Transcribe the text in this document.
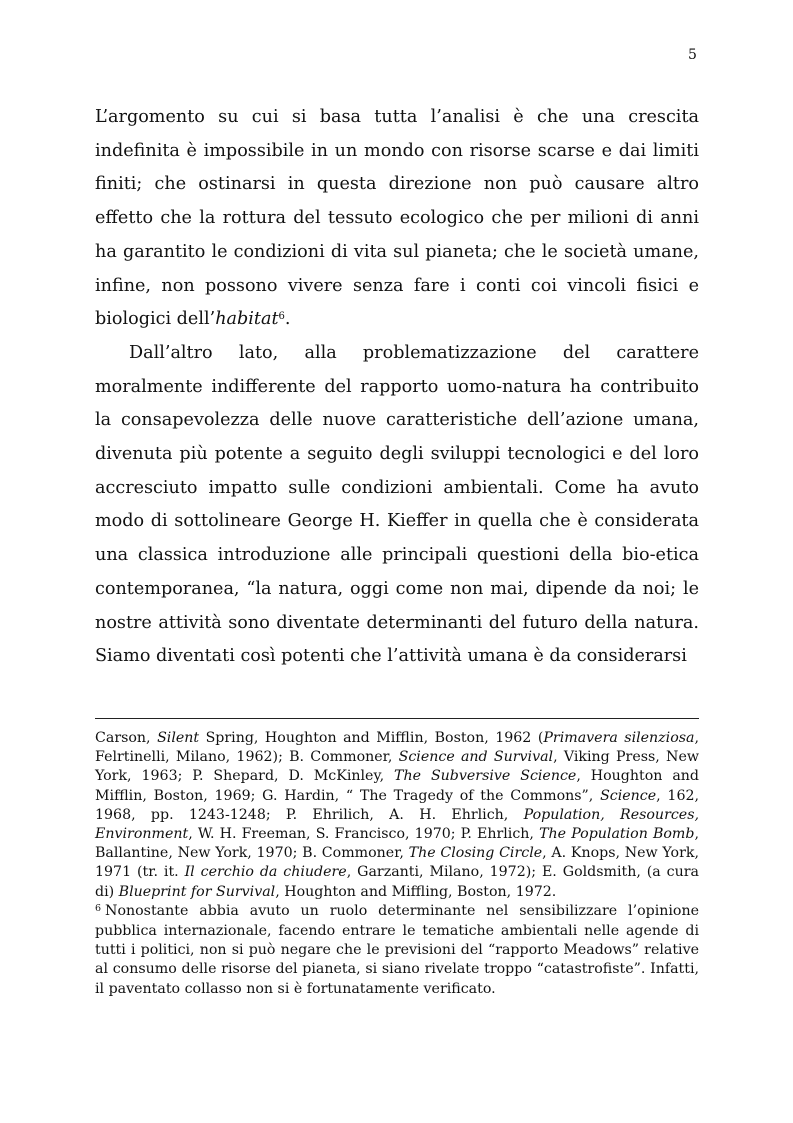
5

L’argomento su cui si basa tutta l’analisi è che una crescita indefinita è impossibile in un mondo con risorse scarse e dai limiti finiti; che ostinarsi in questa direzione non può causare altro effetto che la rottura del tessuto ecologico che per milioni di anni ha garantito le condizioni di vita sul pianeta; che le società umane, infine, non possono vivere senza fare i conti coi vincoli fisici e biologici dell’habitat$^6$.

Dall’altro lato, alla problematizzazione del carattere moralmente indifferente del rapporto uomo-natura ha contribuito la consapevolezza delle nuove caratteristiche dell’azione umana, divenuta più potente a seguito degli sviluppi tecnologici e del loro accresciuto impatto sulle condizioni ambientali. Come ha avuto modo di sottolineare George H. Kieffer in quella che è considerata una classica introduzione alle principali questioni della bio-etica contemporanea, “la natura, oggi come non mai, dipende da noi; le nostre attività sono diventate determinanti del futuro della natura. Siamo diventati così potenti che l’attività umana è da considerarsi

Carson, Silent Spring, Houghton and Mifflin, Boston, 1962 (Primavera silenziosa, Felrtinelli, Milano, 1962); B. Commoner, Science and Survival, Viking Press, New York, 1963; P. Shepard, D. McKinley, The Subversive Science, Houghton and Mifflin, Boston, 1969; G. Hardin, “ The Tragedy of the Commons”, Science, 162, 1968, pp. 1243-1248; P. Ehrilich, A. H. Ehrlich, Population, Resources, Environment, W. H. Freeman, S. Francisco, 1970; P. Ehrlich, The Population Bomb, Ballantine, New York, 1970; B. Commoner, The Closing Circle, A. Knops, New York, 1971 (tr. it. Il cerchio da chiudere, Garzanti, Milano, 1972); E. Goldsmith, (a cura di) Blueprint for Survival, Houghton and Miffling, Boston, 1972.

$^6$ Nonostante abbia avuto un ruolo determinante nel sensibilizzare l’opinione pubblica internazionale, facendo entrare le tematiche ambientali nelle agende di tutti i politici, non si può negare che le previsioni del “rapporto Meadows” relative al consumo delle risorse del pianeta, si siano rivelate troppo “catastrofiste”. Infatti, il paventato collasso non si è fortunatamente verificato.
